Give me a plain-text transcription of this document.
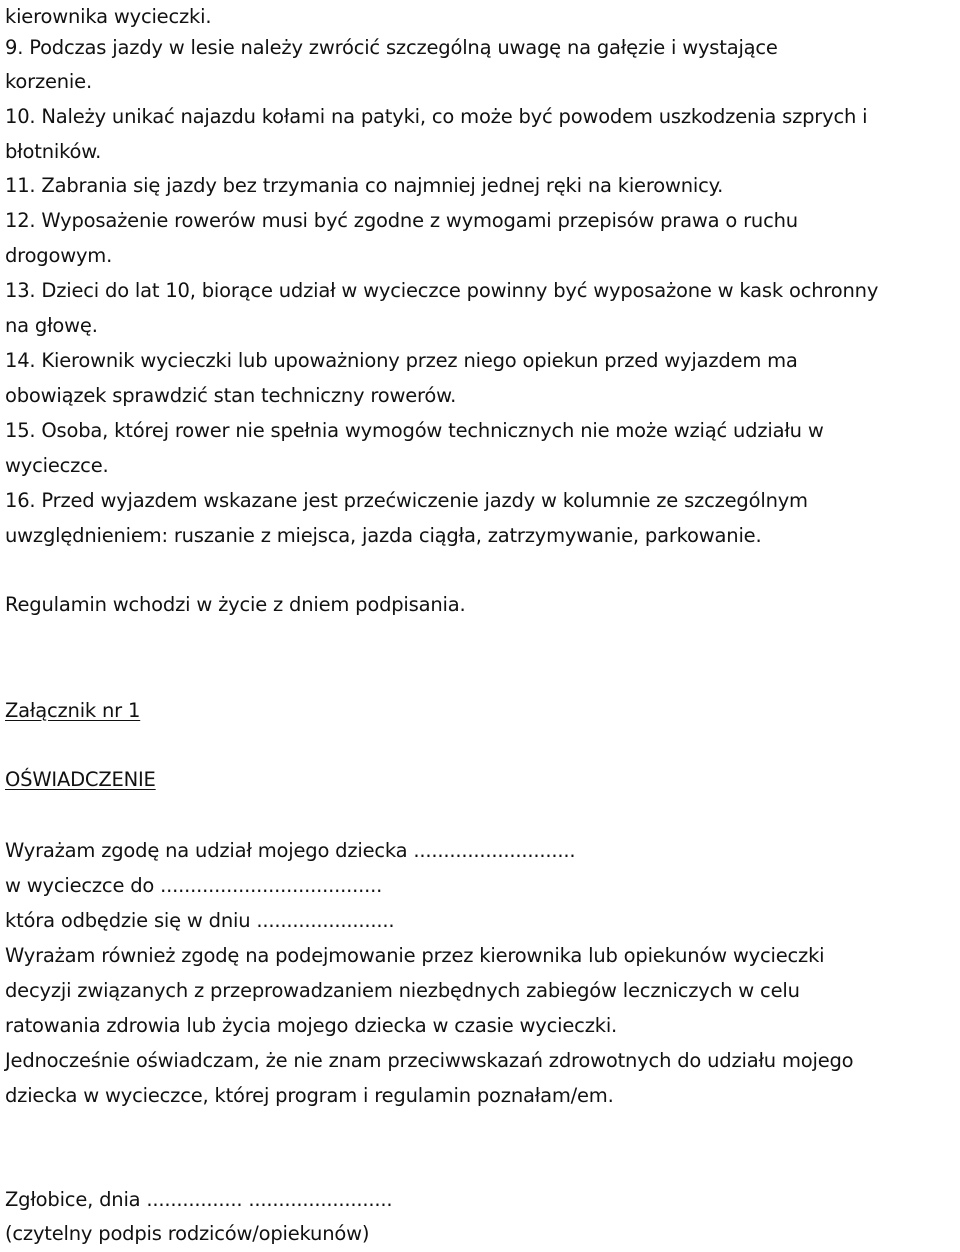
kierownika wycieczki.
9. Podczas jazdy w lesie należy zwrócić szczególną uwagę na gałęzie i wystające
korzenie.
10. Należy unikać najazdu kołami na patyki, co może być powodem uszkodzenia szprych i
błotników.
11. Zabrania się jazdy bez trzymania co najmniej jednej ręki na kierownicy.
12. Wyposażenie rowerów musi być zgodne z wymogami przepisów prawa o ruchu
drogowym.
13. Dzieci do lat 10, biorące udział w wycieczce powinny być wyposażone w kask ochronny
na głowę.
14. Kierownik wycieczki lub upoważniony przez niego opiekun przed wyjazdem ma
obowiązek sprawdzić stan techniczny rowerów.
15. Osoba, której rower nie spełnia wymogów technicznych nie może wziąć udziału w
wycieczce.
16. Przed wyjazdem wskazane jest przećwiczenie jazdy w kolumnie ze szczególnym
uwzględnieniem: ruszanie z miejsca, jazda ciągła, zatrzymywanie, parkowanie.
Regulamin wchodzi w życie z dniem podpisania.
Załącznik nr 1
OŚWIADCZENIE
Wyrażam zgodę na udział mojego dziecka ...........................
w wycieczce do .....................................
która odbędzie się w dniu .......................
Wyrażam również zgodę na podejmowanie przez kierownika lub opiekunów wycieczki
decyzji związanych z przeprowadzaniem niezbędnych zabiegów leczniczych w celu
ratowania zdrowia lub życia mojego dziecka w czasie wycieczki.
Jednocześnie oświadczam, że nie znam przeciwwskazań zdrowotnych do udziału mojego
dziecka w wycieczce, której program i regulamin poznałam/em.
Zgłobice, dnia ................ ........................
(czytelny podpis rodziców/opiekunów)
